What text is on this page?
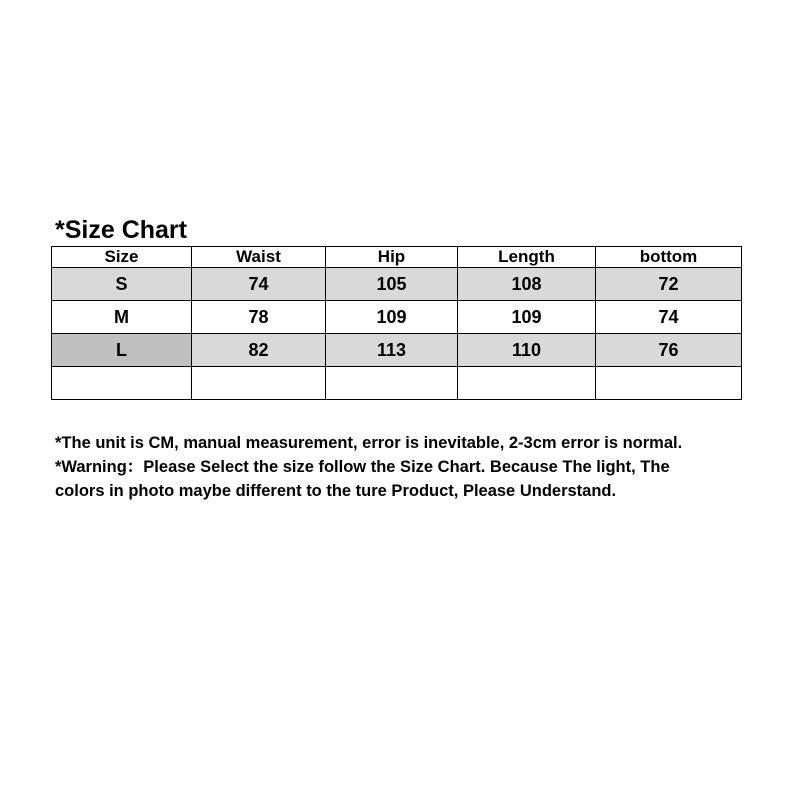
*Size Chart
Size	Waist	Hip	Length	bottom
S	74	105	108	72
M	78	109	109	74
L	82	113	110	76

*The unit is CM, manual measurement, error is inevitable, 2-3cm error is normal.

*Warning：Please Select the size follow the Size Chart. Because The light, The

colors in photo maybe different to the ture Product, Please Understand.
